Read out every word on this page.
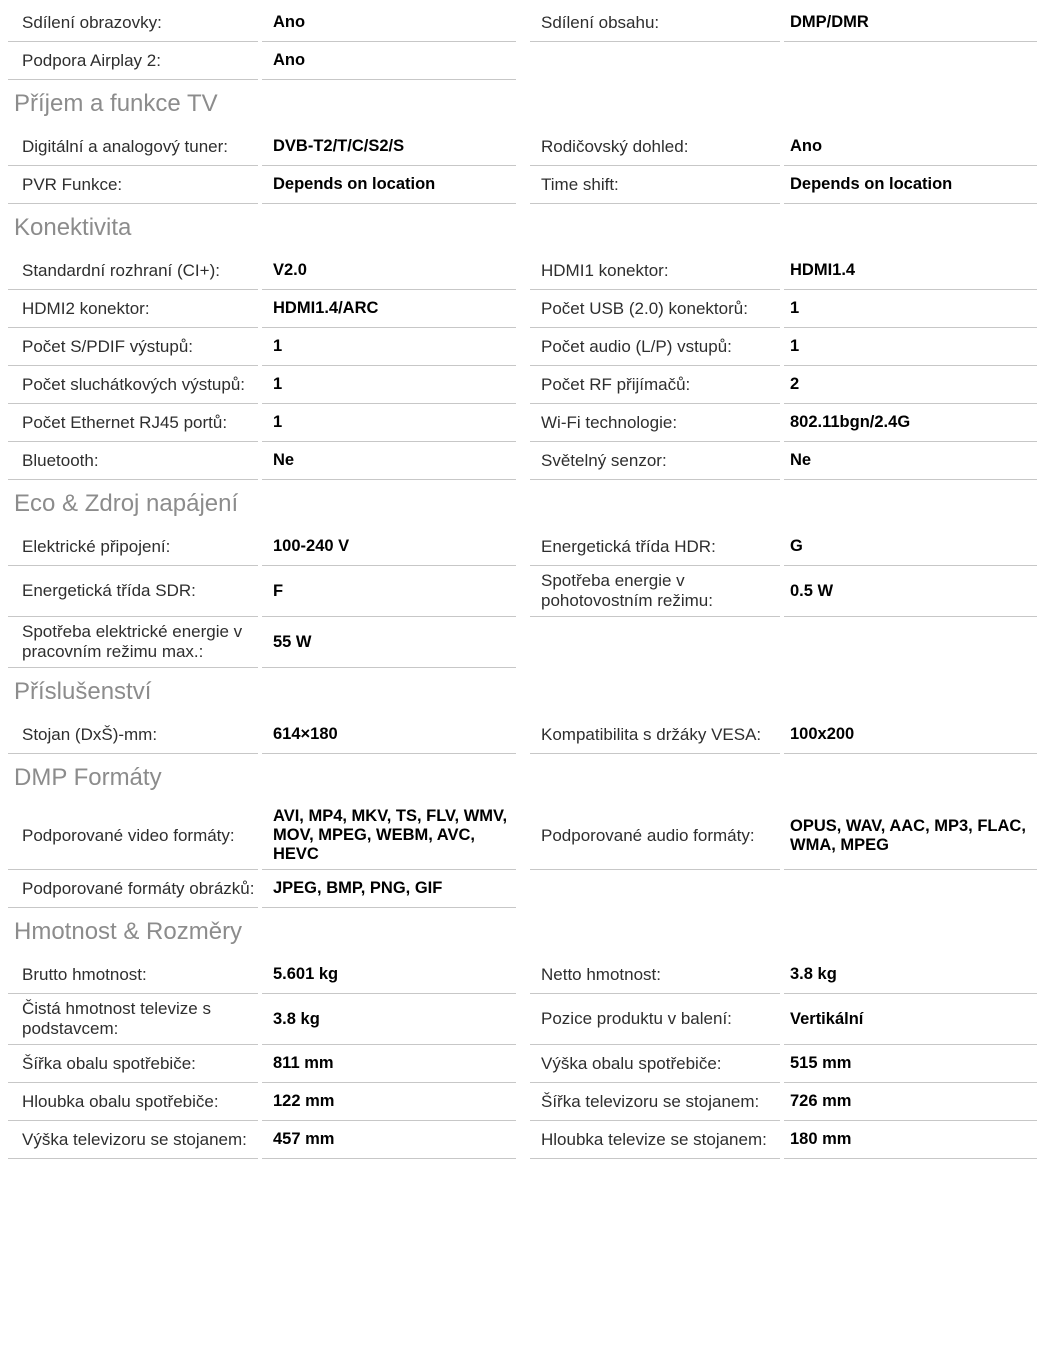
Sdílení obrazovky:	Ano	Sdílení obsahu:	DMP/DMR
Podpora Airplay 2:	Ano
Příjem a funkce TV
Digitální a analogový tuner:	DVB-T2/T/C/S2/S	Rodičovský dohled:	Ano
PVR Funkce:	Depends on location	Time shift:	Depends on location
Konektivita
Standardní rozhraní (CI+):	V2.0	HDMI1 konektor:	HDMI1.4
HDMI2 konektor:	HDMI1.4/ARC	Počet USB (2.0) konektorů:	1
Počet S/PDIF výstupů:	1	Počet audio (L/P) vstupů:	1
Počet sluchátkových výstupů:	1	Počet RF přijímačů:	2
Počet Ethernet RJ45 portů:	1	Wi-Fi technologie:	802.11bgn/2.4G
Bluetooth:	Ne	Světelný senzor:	Ne
Eco & Zdroj napájení
Elektrické připojení:	100-240 V	Energetická třída HDR:	G
Energetická třída SDR:	F
Spotřeba energie v pohotovostním režimu:
0.5 W
Spotřeba elektrické energie v pracovním režimu max.:
55 W
Příslušenství
Stojan (DxŠ)-mm:	614×180	Kompatibilita s držáky VESA:	100x200
DMP Formáty
Podporované video formáty:
AVI, MP4, MKV, TS, FLV, WMV, MOV, MPEG, WEBM, AVC, HEVC
Podporované audio formáty:	OPUS, WAV, AAC, MP3, FLAC, WMA, MPEG
Podporované formáty obrázků:	JPEG, BMP, PNG, GIF
Hmotnost & Rozměry
Brutto hmotnost:	5.601 kg	Netto hmotnost:	3.8 kg
Čistá hmotnost televize s podstavcem:
3.8 kg	Pozice produktu v balení:	Vertikální
Šířka obalu spotřebiče:	811 mm	Výška obalu spotřebiče:	515 mm
Hloubka obalu spotřebiče:	122 mm	Šířka televizoru se stojanem:	726 mm
Výška televizoru se stojanem:	457 mm	Hloubka televize se stojanem:	180 mm
